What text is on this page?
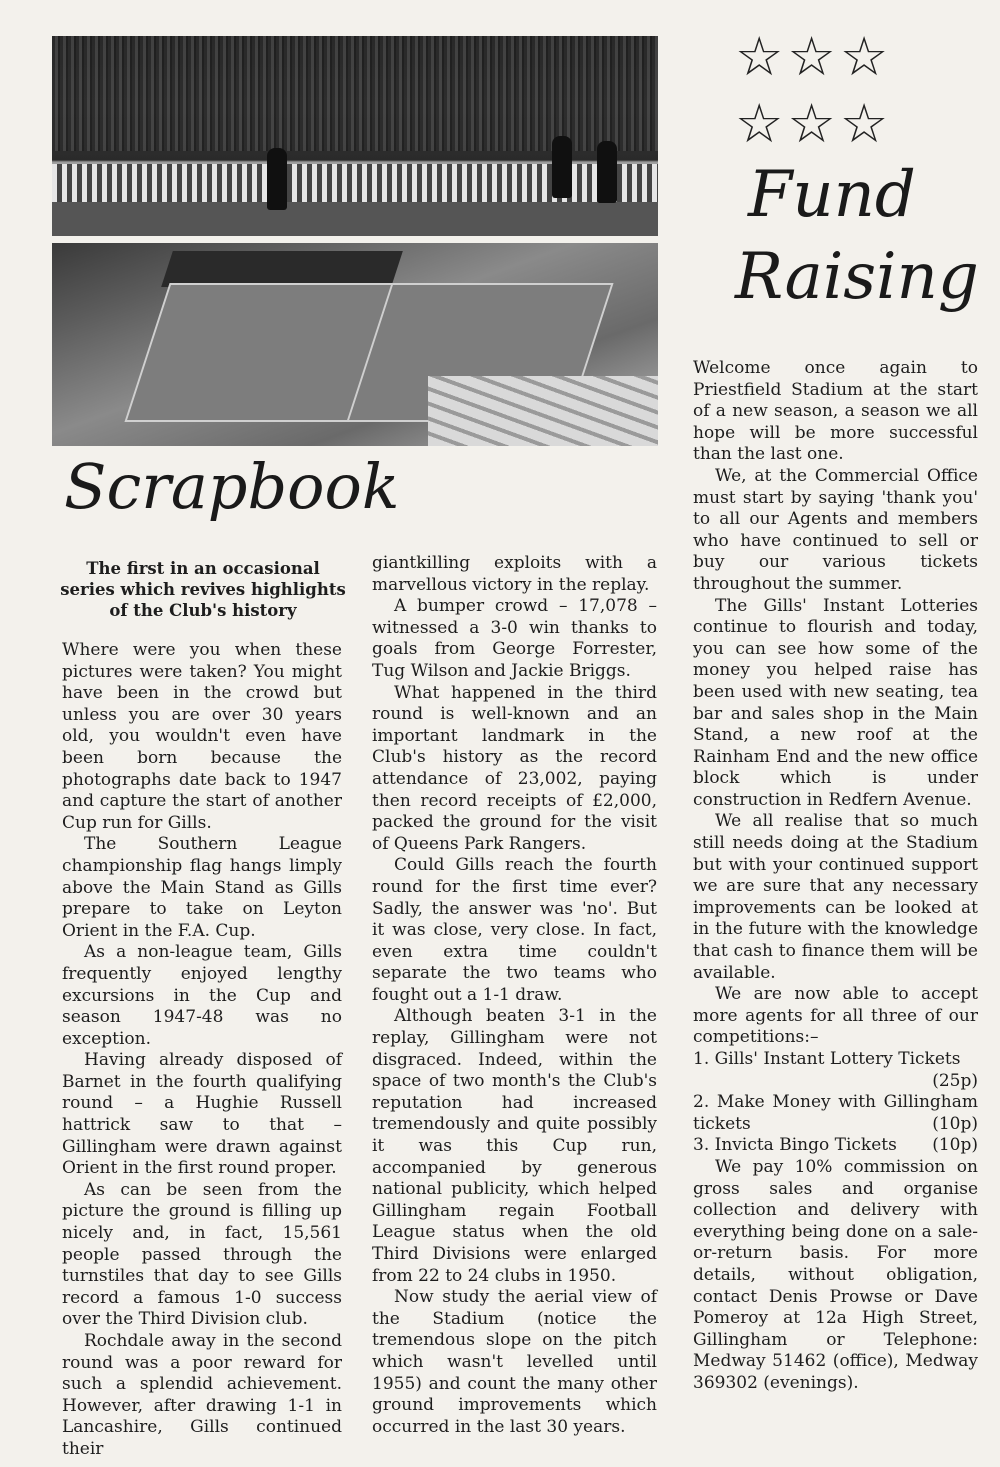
☆☆☆
☆☆☆
Fund
Raising
Scrapbook
The first in an occasional series which revives highlights of the Club's history

Where were you when these pictures were taken? You might have been in the crowd but unless you are over 30 years old, you wouldn't even have been born because the photographs date back to 1947 and capture the start of another Cup run for Gills.

The Southern League championship flag hangs limply above the Main Stand as Gills prepare to take on Leyton Orient in the F.A. Cup.

As a non-league team, Gills frequently enjoyed lengthy excursions in the Cup and season 1947-48 was no exception.

Having already disposed of Barnet in the fourth qualifying round – a Hughie Russell hattrick saw to that – Gillingham were drawn against Orient in the first round proper.

As can be seen from the picture the ground is filling up nicely and, in fact, 15,561 people passed through the turnstiles that day to see Gills record a famous 1-0 success over the Third Division club.

Rochdale away in the second round was a poor reward for such a splendid achievement. However, after drawing 1-1 in Lancashire, Gills continued their

giantkilling exploits with a marvellous victory in the replay.

A bumper crowd – 17,078 – witnessed a 3-0 win thanks to goals from George Forrester, Tug Wilson and Jackie Briggs.

What happened in the third round is well-known and an important landmark in the Club's history as the record attendance of 23,002, paying then record receipts of £2,000, packed the ground for the visit of Queens Park Rangers.

Could Gills reach the fourth round for the first time ever? Sadly, the answer was 'no'. But it was close, very close. In fact, even extra time couldn't separate the two teams who fought out a 1-1 draw.

Although beaten 3-1 in the replay, Gillingham were not disgraced. Indeed, within the space of two month's the Club's reputation had increased tremendously and quite possibly it was this Cup run, accompanied by generous national publicity, which helped Gillingham regain Football League status when the old Third Divisions were enlarged from 22 to 24 clubs in 1950.

Now study the aerial view of the Stadium (notice the tremendous slope on the pitch which wasn't levelled until 1955) and count the many other ground improvements which occurred in the last 30 years.

Welcome once again to Priestfield Stadium at the start of a new season, a season we all hope will be more successful than the last one.

We, at the Commercial Office must start by saying 'thank you' to all our Agents and members who have continued to sell or buy our various tickets throughout the summer.

The Gills' Instant Lotteries continue to flourish and today, you can see how some of the money you helped raise has been used with new seating, tea bar and sales shop in the Main Stand, a new roof at the Rainham End and the new office block which is under construction in Redfern Avenue.

We all realise that so much still needs doing at the Stadium but with your continued support we are sure that any necessary improvements can be looked at in the future with the knowledge that cash to finance them will be available.

We are now able to accept more agents for all three of our competitions:–

1. Gills' Instant Lottery Tickets

(25p)

2. Make Money with Gillingham tickets	(10p)
3. Invicta Bingo Tickets (10p)

We pay 10% commission on gross sales and organise collection and delivery with everything being done on a sale-or-return basis. For more details, without obligation, contact Denis Prowse or Dave Pomeroy at 12a High Street, Gillingham or Telephone: Medway 51462 (office), Medway 369302 (evenings).
